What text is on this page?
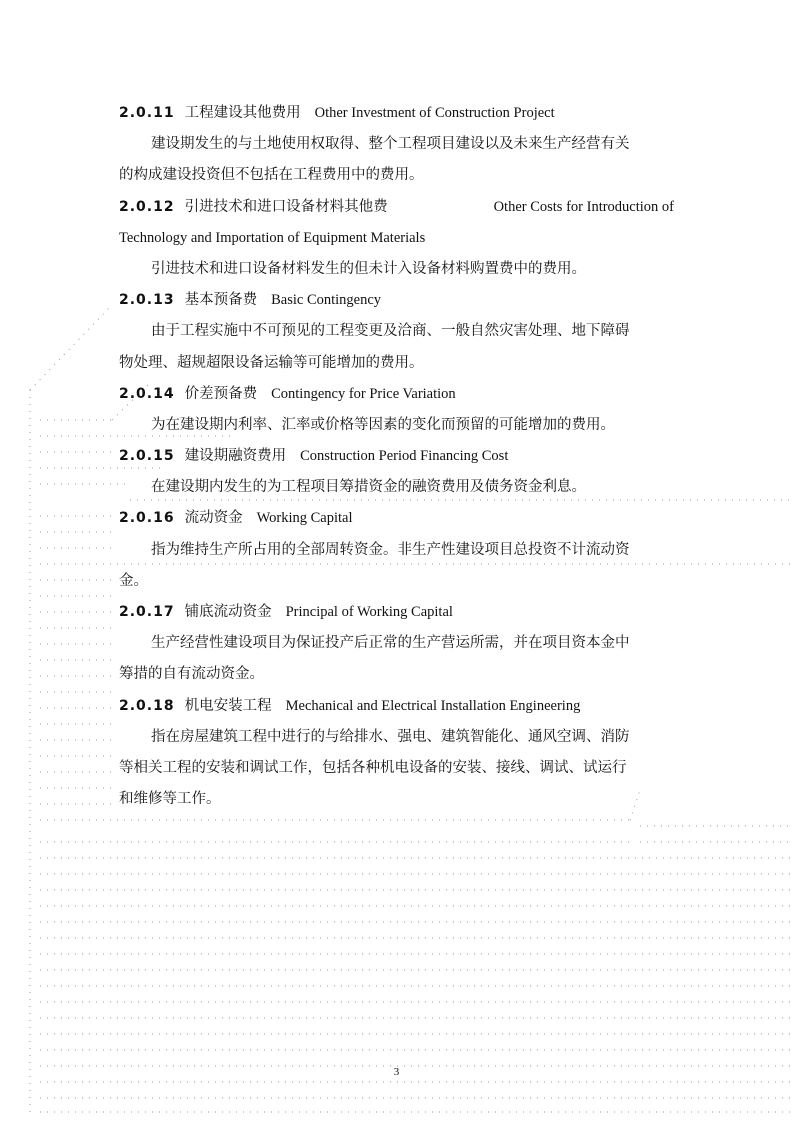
2.0.11 工程建设其他费用 Other Investment of Construction Project
建设期发生的与土地使用权取得、整个工程项目建设以及未来生产经营有关
的构成建设投资但不包括在工程费用中的费用。
2.0.12 引进技术和进口设备材料其他费	Other Costs for Introduction of
Technology and Importation of Equipment Materials
引进技术和进口设备材料发生的但未计入设备材料购置费中的费用。
2.0.13 基本预备费 Basic Contingency
由于工程实施中不可预见的工程变更及洽商、一般自然灾害处理、地下障碍
物处理、超规超限设备运输等可能增加的费用。
2.0.14 价差预备费 Contingency for Price Variation
为在建设期内利率、汇率或价格等因素的变化而预留的可能增加的费用。
2.0.15 建设期融资费用 Construction Period Financing Cost
在建设期内发生的为工程项目筹措资金的融资费用及债务资金利息。
2.0.16 流动资金 Working Capital
指为维持生产所占用的全部周转资金。非生产性建设项目总投资不计流动资
金。
2.0.17 铺底流动资金 Principal of Working Capital
生产经营性建设项目为保证投产后正常的生产营运所需，并在项目资本金中
筹措的自有流动资金。
2.0.18 机电安装工程 Mechanical and Electrical Installation Engineering
指在房屋建筑工程中进行的与给排水、强电、建筑智能化、通风空调、消防
等相关工程的安装和调试工作，包括各种机电设备的安装、接线、调试、试运行
和维修等工作。
3
